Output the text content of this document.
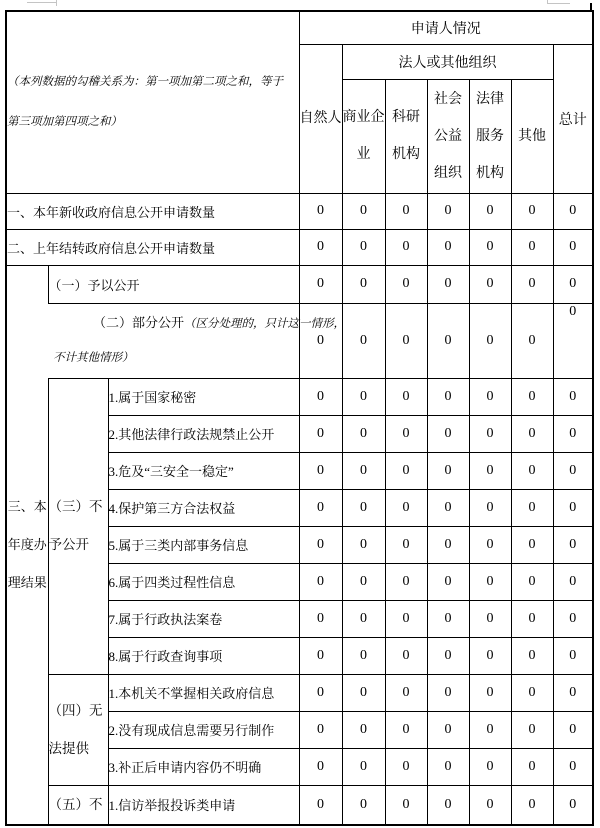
（本列数据的勾稽关系为：第一项加第二项之和，等于
第三项加第四项之和）			申请人情况						
			自然人	法人或其他组织					总计
				商业企业	科研机构	社会公益组织	法律服务机构	其他	
一、本年新收政府信息公开申请数量			0	0	0	0	0	0	0
二、上年结转政府信息公开申请数量			0	0	0	0	0	0	0
三、本年度办理结果	（一）予以公开		0	0	0	0	0	0	0

	（二）部分公开（区分处理的，只计这一情形，
不计其他情形）		0	0	0	0	0	0	0
	（三）不予公开	1.属于国家秘密	0	0	0	0	0	0	0
		2.其他法律行政法规禁止公开	0	0	0	0	0	0	0
		3.危及“三安全一稳定”	0	0	0	0	0	0	0
		4.保护第三方合法权益	0	0	0	0	0	0	0
		5.属于三类内部事务信息	0	0	0	0	0	0	0
		6.属于四类过程性信息	0	0	0	0	0	0	0
		7.属于行政执法案卷	0	0	0	0	0	0	0
		8.属于行政查询事项	0	0	0	0	0	0	0
	（四）无法提供	1.本机关不掌握相关政府信息	0	0	0	0	0	0	0
		2.没有现成信息需要另行制作	0	0	0	0	0	0	0
		3.补正后申请内容仍不明确	0	0	0	0	0	0	0
	（五）不	1.信访举报投诉类申请	0	0	0	0	0	0	0
